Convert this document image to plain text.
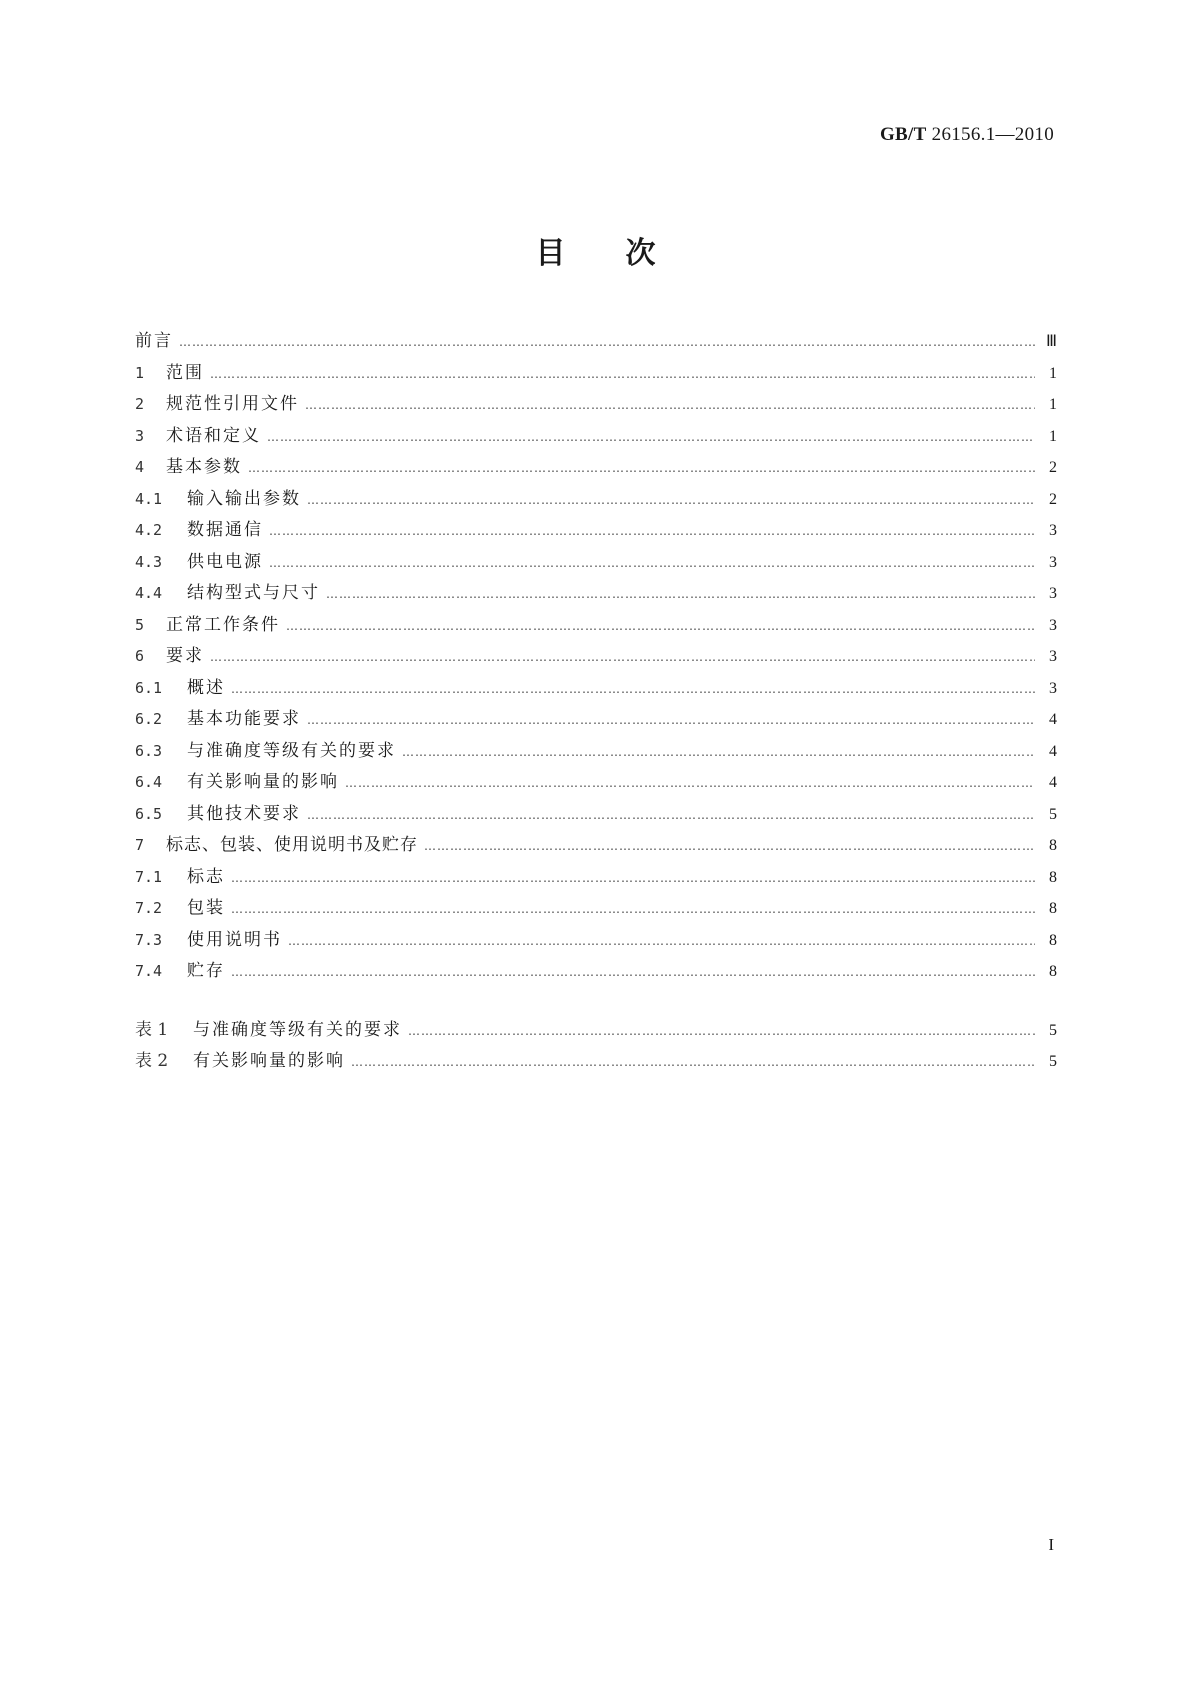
GB/T 26156.1—2010
目次
前言 …………………………………………………………………………………………………………………………………………………………………………………………………………	Ⅲ
1	范围 …………………………………………………………………………………………………………………………………………………………………………………………………………	1
2	规范性引用文件 …………………………………………………………………………………………………………………………………………………………………………………………………………	1
3	术语和定义 …………………………………………………………………………………………………………………………………………………………………………………………………………	1
4	基本参数 …………………………………………………………………………………………………………………………………………………………………………………………………………	2
4.1	输入输出参数 …………………………………………………………………………………………………………………………………………………………………………………………………………	2
4.2	数据通信 …………………………………………………………………………………………………………………………………………………………………………………………………………	3
4.3	供电电源 …………………………………………………………………………………………………………………………………………………………………………………………………………	3
4.4	结构型式与尺寸 …………………………………………………………………………………………………………………………………………………………………………………………………………	3
5	正常工作条件 …………………………………………………………………………………………………………………………………………………………………………………………………………	3
6	要求 …………………………………………………………………………………………………………………………………………………………………………………………………………	3
6.1	概述 …………………………………………………………………………………………………………………………………………………………………………………………………………	3
6.2	基本功能要求 …………………………………………………………………………………………………………………………………………………………………………………………………………	4
6.3	与准确度等级有关的要求 …………………………………………………………………………………………………………………………………………………………………………………………………………	4
6.4	有关影响量的影响 …………………………………………………………………………………………………………………………………………………………………………………………………………	4
6.5	其他技术要求 …………………………………………………………………………………………………………………………………………………………………………………………………………	5
7	标志、包装、使用说明书及贮存 …………………………………………………………………………………………………………………………………………………………………………………………………………	8
7.1	标志 …………………………………………………………………………………………………………………………………………………………………………………………………………	8
7.2	包装 …………………………………………………………………………………………………………………………………………………………………………………………………………	8
7.3	使用说明书 …………………………………………………………………………………………………………………………………………………………………………………………………………	8
7.4	贮存 …………………………………………………………………………………………………………………………………………………………………………………………………………	8
表 1	与准确度等级有关的要求 …………………………………………………………………………………………………………………………………………………………………………………………………………	5
表 2	有关影响量的影响 …………………………………………………………………………………………………………………………………………………………………………………………………………	5
I
